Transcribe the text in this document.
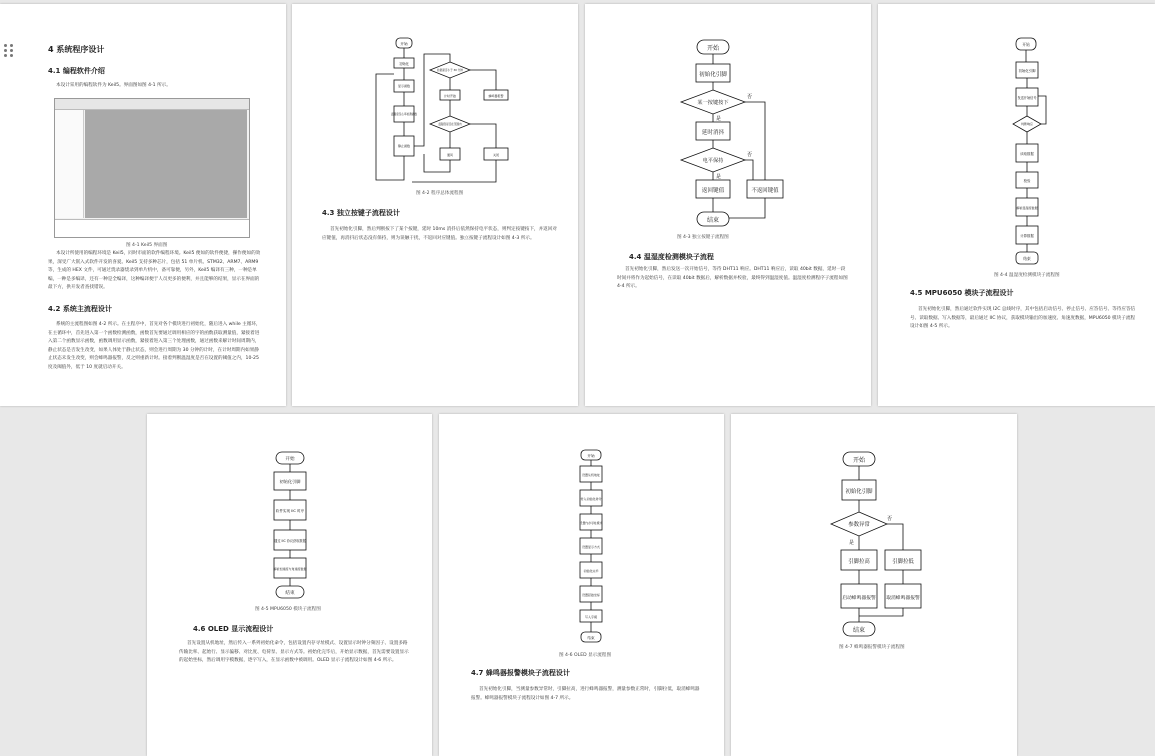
4 系统程序设计
4.1 编程软件介绍
本设计采用的编程软件为 Keil5。界面图如图 4-1 所示。
图 4-1 Keil5 界面图
本设计所使用的编程环境是 Keil5，同时市面的软件编程环境。Keil5 便如的软件便捷，操作便如的效果，深受广大嵌入式软件开发的喜爱。Keil5 支持多种芯片，包括 51 单片机、STM32、ARM7、ARM9 等，生成的 HEX 文件，可通过烧录器烧录到单片机中，备可靠便，另外，Keil5 编译有三种，一种是单编，一种是多编译，还有一种是全编译，这种编译便于人员更多的便利，并且能够的结果，显示在界面的最下方，供开发者查找错误。
4.2 系统主流程设计
系统的主流程图如图 4-2 所示。在主程序中，首先对各个模块进行初始化，随后进入 while 主循环，在主循环中，首先进入第一个函数检测函数，函数首先要通过调用相应的字的函数获取测量值，紧接着进入第二个函数显示函数，函数调用显示函数，紧接着进入第三个处理函数，通过函数来解计时间周期内，静止状态是否发生改变，如果人体处于静止状态，则会进行周期为 30 分钟的计时，在计时周期内如果静止状态未发生改变，则会蜂鸣器报警，反之则重新计时。接着判断温湿度是否在设置的阈值之内，10-25 度及阈值外，低于 10 度就启动开关。
开始
初始化
显示函数
温湿度及心率检测函数
静止函数
检测是否小于 30 分钟
计时开始	蜂鸣器报警
温湿度是否在范围内
通风	关闭
图 4-2 程序总体流程图
4.3 独立按键子流程设计
首先初始化引脚，然后判断按下了某个按键，延时 10ms 消抖后依然保持电平状态，则判定按键按下，并返回对应键值，再消抖后状态没有保持，则为误触干扰，不返回对应键值。独立按键子流程设计如图 4-3 所示。
开始
初始化引脚
某一按键按下
否
是
延时消抖
电平保持
否
是
返回键值	不返回键值
结束
图 4-3 独立按键子流程图
4.4 温湿度检测模块子流程
首先初始化引脚，然后发送一次开始信号，等待 DHT11 响应。DHT11 响应后，读取 40bit 数据，延时一段时间并将作为起始信号，在读取 40bit 数据后，解析数据并校验，最终得到温湿度值。温湿度检测程序子流程如图 4-4 所示。
开始
初始化引脚
发送开始信号
判断响应
读取数据
校验
解析温湿度数据
计算数据
结束
图 4-4 温湿度检测模块子流程图
4.5 MPU6050 模块子流程设计
首先初始化引脚，然后通过软件实现 I2C 总线时序，其中包括启动信号、停止信号、应答信号、等待应答信号、读取数据、写入数据等，最后通过 IIC 协议，获取模块输出的加速度、角速度数据，MPU6050 模块子流程设计如图 4-5 所示。
开始
初始化引脚
软件实现 IIC 时序
通过 IIC 协议获取数据
解析加速度与角速度数据
结束
图 4-5 MPU6050 模块子流程图
4.6 OLED 显示流程设计
首先设置从机地址，然后传入一系列初始化命令，包括设置内存寻址模式、设置显示时钟分频因子、设置多路传输比率、起始行、显示偏移、对比度、电荷泵、显示方式等。初始化完毕后，开始显示数据，首先需要设置显示的起始坐标，然后调用字模数据，逐字写入，在显示函数中被调用。OLED 显示子流程设计如图 4-6 所示。
开始
设置从机地址
传入初始化命令
设置内存寻址模式
设置显示方式
初始化完毕
设置起始坐标
写入字模
结束
图 4-6 OLED 显示流程图
4.7 蜂鸣器报警模块子流程设计
首先初始化引脚，当测量参数异常时，引脚拉高，进行蜂鸣器报警，测量参数正常时，引脚拉低，取消蜂鸣器报警。蜂鸣器报警模块子流程设计如图 4-7 所示。
开始
初始化引脚
参数异常
否
是
引脚拉高	引脚拉低
启动蜂鸣器报警 取消蜂鸣器报警
结束
图 4-7 蜂鸣器报警模块子流程图
